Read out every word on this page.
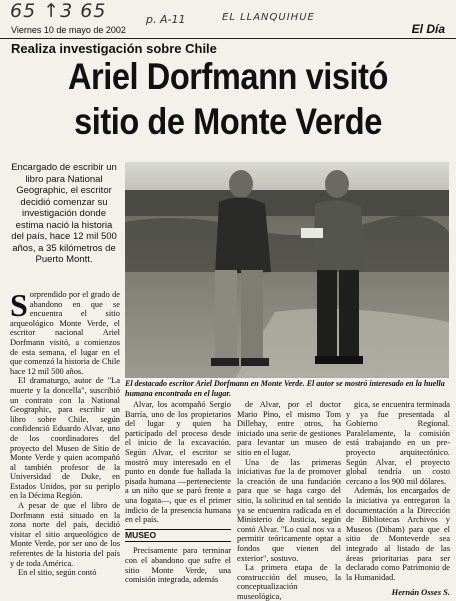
65 ↑3 65	p. A-11	EL LLANQUIHUE
Viernes 10 de mayo de 2002	El Día
Realiza investigación sobre Chile
Ariel Dorfmann visitó
sitio de Monte Verde
Encargado de escribir un libro para National Geographic, el escritor decidió comenzar su investigación donde estima nació la historia del país, hace 12 mil 500 años, a 35 kilómetros de Puerto Montt.
El destacado escritor Ariel Dorfmann en Monte Verde. El autor se mostró interesado en la huella humana encontrada en el lugar.

Sorprendido por el grado de abandono en que se encuentra el sitio arqueológico Monte Verde, el escritor nacional Ariel Dorfmann visitó, a comienzos de esta semana, el lugar en el que comenzó la historia de Chile hace 12 mil 500 años.

El dramaturgo, autor de "La muerte y la doncella", suscribió un contrato con la National Geographic, para escribir un libro sobre Chile, según confidenció Eduardo Alvar, uno de los coordinadores del proyecto del Museo de Sitio de Monte Verde y quien acompañó al también profesor de la Universidad de Duke, en Estados Unidos, por su periplo en la Décima Región.

A pesar de que el libro de Dorfmann está situado en la zona norte del país, decidió visitar el sitio arqueológico de Monte Verde, por ser uno de los referentes de la historia del país y de toda América.

En el sitio, según contó

Alvar, los acompañó Sergio Barría, uno de los propietarios del lugar y quien ha participado del proceso desde el inicio de la excavación. Según Alvar, el escritor se mostró muy interesado en el punto en donde fue hallada la pisada humana —perteneciente a un niño que se paró frente a una fogata—, que es el primer indicio de la presencia humana en el país.

MUSEO

Precisamente para terminar con el abandono que sufre el sitio Monte Verde, una comisión integrada, además

de Alvar, por el doctor Mario Pino, el mismo Tom Dillehay, entre otros, ha iniciado una serie de gestiones para levantar un museo de sitio en el lugar.

Una de las primeras iniciativas fue la de promover la creación de una fundación para que se haga cargo del sitio, la solicitud en tal sentido ya se encuentra radicada en el Ministerio de Justicia, según contó Alvar. "Lo cual nos va a permitir teóricamente optar a fondos que vienen del exterior", sostuvo.

La primera etapa de la construcción del museo, la conceptualización museológica,

gica, se encuentra terminada y ya fue presentada al Gobierno Regional. Paralelamente, la comisión está trabajando en un pre-proyecto arquitectónico. Según Alvar, el proyecto global tendría un costo cercano a los 900 mil dólares.

Además, los encargados de la iniciativa ya entregaron la documentación a la Dirección de Bibliotecas Archivos y Museos (Dibam) para que el sitio de Monteverde sea integrado al listado de las áreas prioritarias para ser declarado como Patrimonio de la Humanidad.

Hernán Osses S.
